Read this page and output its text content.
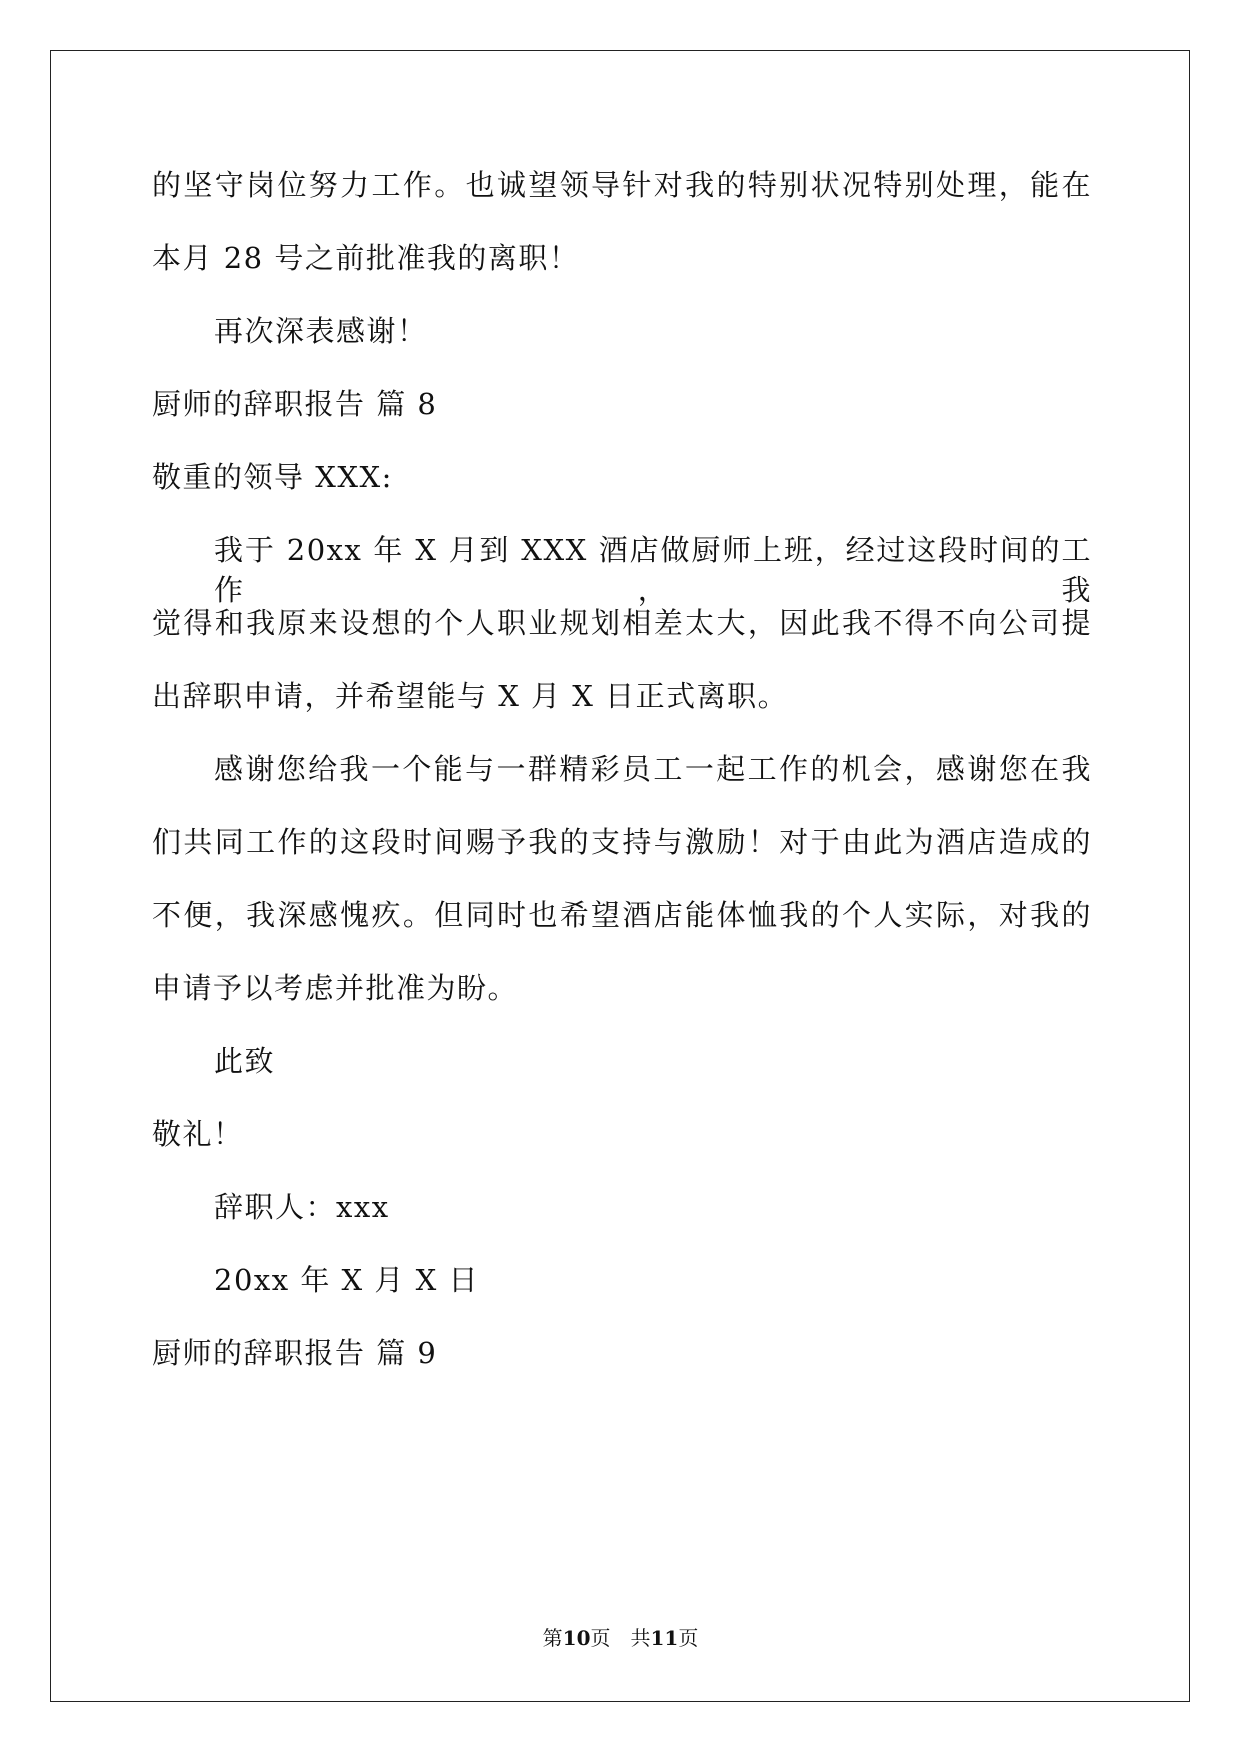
的坚守岗位努力工作。也诚望领导针对我的特别状况特别处理，能在
本月 28 号之前批准我的离职！
再次深表感谢！
厨师的辞职报告 篇 8
敬重的领导 XXX:
我于 20xx 年 X 月到 XXX 酒店做厨师上班，经过这段时间的工作，我
觉得和我原来设想的个人职业规划相差太大，因此我不得不向公司提
出辞职申请，并希望能与 X 月 X 日正式离职。
感谢您给我一个能与一群精彩员工一起工作的机会，感谢您在我
们共同工作的这段时间赐予我的支持与激励！对于由此为酒店造成的
不便，我深感愧疚。但同时也希望酒店能体恤我的个人实际，对我的
申请予以考虑并批准为盼。
此致
敬礼！
辞职人：xxx
20xx 年 X 月 X 日
厨师的辞职报告 篇 9
第10页　共11页
